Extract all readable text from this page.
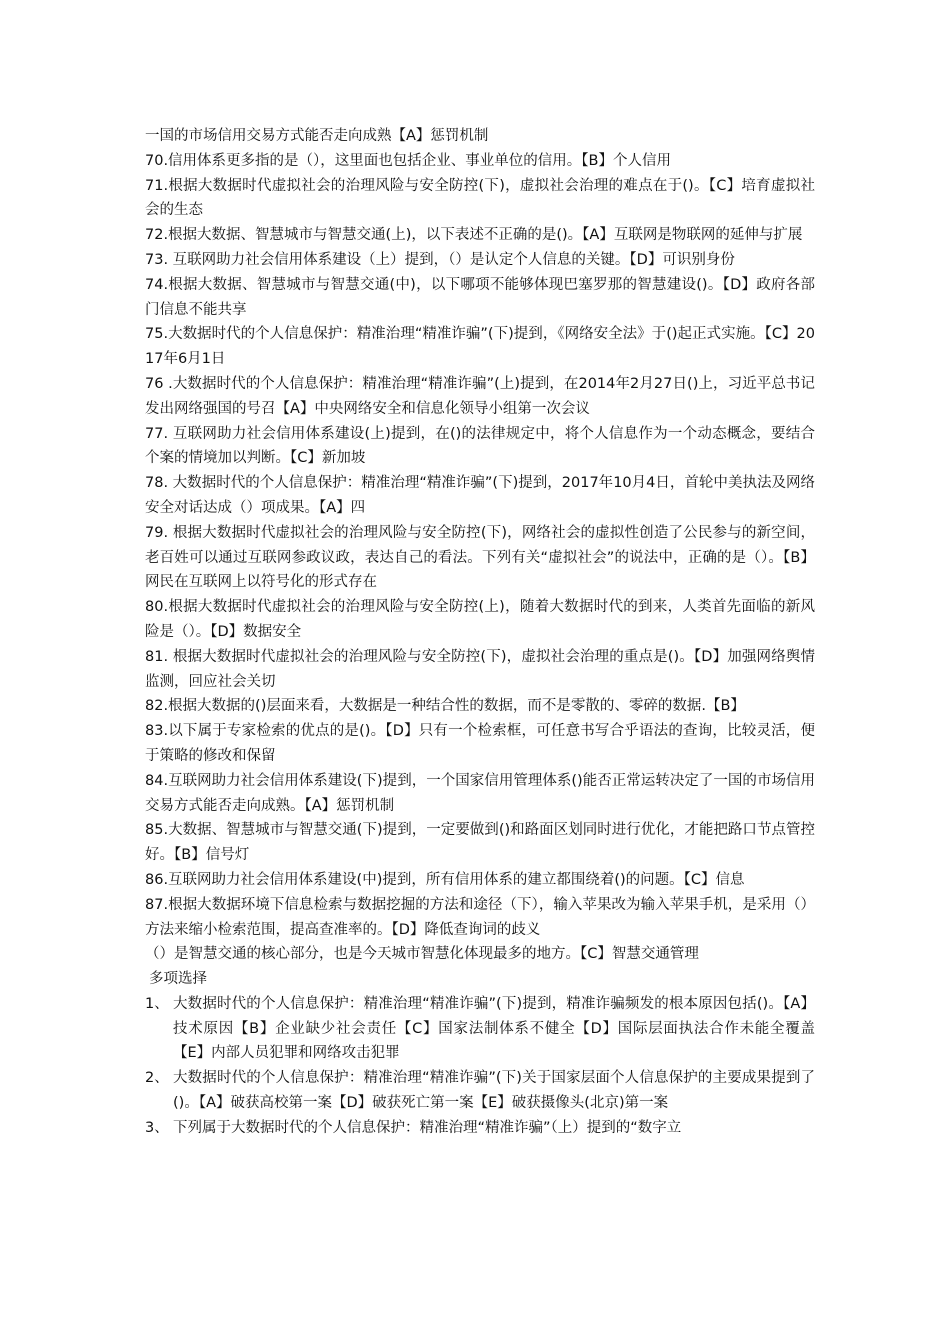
一国的市场信用交易方式能否走向成熟【A】惩罚机制

70.信用体系更多指的是（），这里面也包括企业、事业单位的信用。【B】个人信用

71.根据大数据时代虚拟社会的治理风险与安全防控(下)，虚拟社会治理的难点在于()。【C】培育虚拟社会的生态

72.根据大数据、智慧城市与智慧交通(上)，以下表述不正确的是()。【A】互联网是物联网的延伸与扩展

73. 互联网助力社会信用体系建设（上）提到，（）是认定个人信息的关键。【D】可识别身份

74.根据大数据、智慧城市与智慧交通(中)，以下哪项不能够体现巴塞罗那的智慧建设()。【D】政府各部门信息不能共享

75.大数据时代的个人信息保护：精准治理“精准诈骗”(下)提到，《网络安全法》于()起正式实施。【C】2017年6月1日

76 .大数据时代的个人信息保护：精准治理“精准诈骗”(上)提到，在2014年2月27日()上，习近平总书记发出网络强国的号召【A】中央网络安全和信息化领导小组第一次会议

77. 互联网助力社会信用体系建设(上)提到，在()的法律规定中，将个人信息作为一个动态概念，要结合个案的情境加以判断。【C】新加坡

78. 大数据时代的个人信息保护：精准治理“精准诈骗”(下)提到，2017年10月4日，首轮中美执法及网络安全对话达成（）项成果。【A】四

79. 根据大数据时代虚拟社会的治理风险与安全防控(下)，网络社会的虚拟性创造了公民参与的新空间，老百姓可以通过互联网参政议政，表达自己的看法。下列有关“虚拟社会”的说法中，正确的是（）。【B】网民在互联网上以符号化的形式存在

80.根据大数据时代虚拟社会的治理风险与安全防控(上)，随着大数据时代的到来，人类首先面临的新风险是（）。【D】数据安全

81. 根据大数据时代虚拟社会的治理风险与安全防控(下)，虚拟社会治理的重点是()。【D】加强网络舆情监测，回应社会关切

82.根据大数据的()层面来看，大数据是一种结合性的数据，而不是零散的、零碎的数据.【B】

83.以下属于专家检索的优点的是()。【D】只有一个检索框，可任意书写合乎语法的查询，比较灵活，便于策略的修改和保留

84.互联网助力社会信用体系建设(下)提到，一个国家信用管理体系()能否正常运转决定了一国的市场信用交易方式能否走向成熟。【A】惩罚机制

85.大数据、智慧城市与智慧交通(下)提到，一定要做到()和路面区划同时进行优化，才能把路口节点管控好。【B】信号灯

86.互联网助力社会信用体系建设(中)提到，所有信用体系的建立都围绕着()的问题。【C】信息

87.根据大数据环境下信息检索与数据挖掘的方法和途径（下），输入苹果改为输入苹果手机，是采用（）方法来缩小检索范围，提高查准率的。【D】降低查询词的歧义

（）是智慧交通的核心部分，也是今天城市智慧化体现最多的地方。【C】智慧交通管理

多项选择

1、 大数据时代的个人信息保护：精准治理“精准诈骗”(下)提到，精准诈骗频发的根本原因包括()。【A】技术原因【B】企业缺少社会责任【C】国家法制体系不健全【D】国际层面执法合作未能全覆盖【E】内部人员犯罪和网络攻击犯罪
2、 大数据时代的个人信息保护：精准治理“精准诈骗”(下)关于国家层面个人信息保护的主要成果提到了()。【A】破获高校第一案【D】破获死亡第一案【E】破获摄像头(北京)第一案
3、 下列属于大数据时代的个人信息保护：精准治理“精准诈骗”（上）提到的“数字立
